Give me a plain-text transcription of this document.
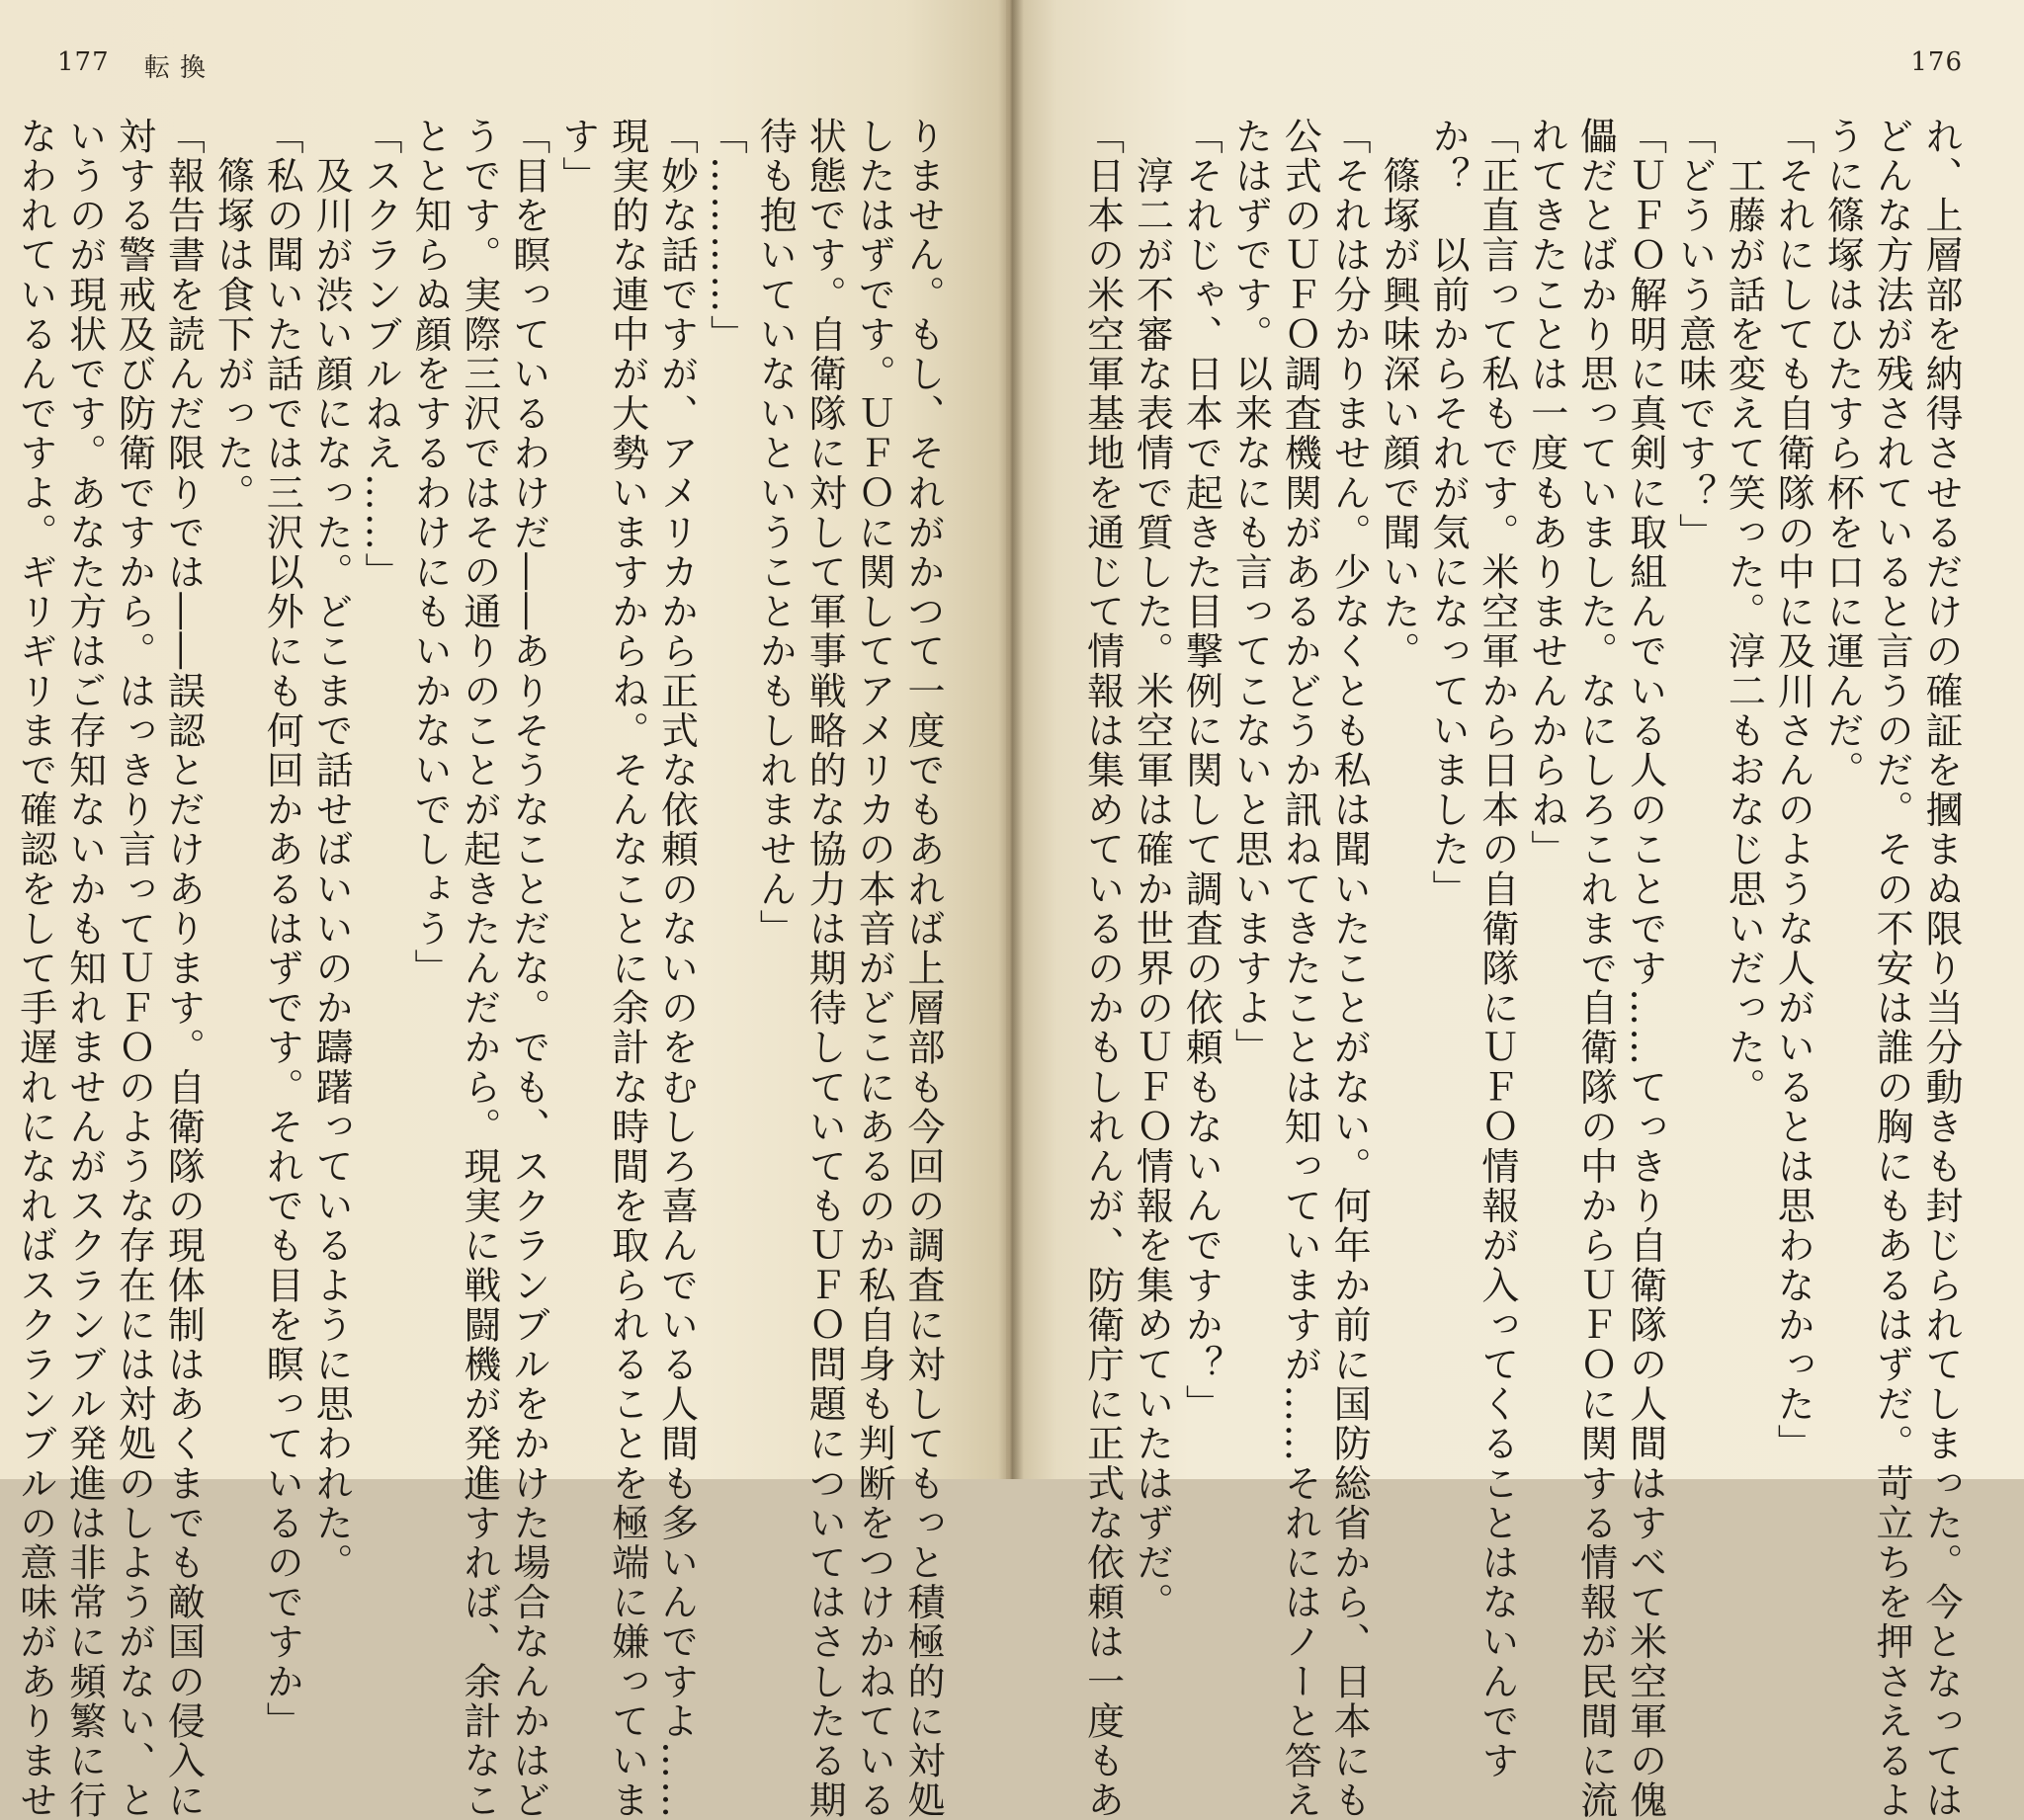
177 転換
りません。もし、それがかつて一度でもあれば上層部も今回の調査に対してもっと積極的に対処
したはずです。ＵＦＯに関してアメリカの本音がどこにあるのか私自身も判断をつけかねている
状態です。自衛隊に対して軍事戦略的な協力は期待していてもＵＦＯ問題についてはさしたる期
待も抱いていないということかもしれません」
「…………」
「妙な話ですが、アメリカから正式な依頼のないのをむしろ喜んでいる人間も多いんですよ……
現実的な連中が大勢いますからね。そんなことに余計な時間を取られることを極端に嫌っていま
す」
「目を瞑っているわけだ――ありそうなことだな。でも、スクランブルをかけた場合なんかはど
うです。実際三沢ではその通りのことが起きたんだから。現実に戦闘機が発進すれば、余計なこ
とと知らぬ顔をするわけにもいかないでしょう」
「スクランブルねえ……」
　及川が渋い顔になった。どこまで話せばいいのか躊躇っているように思われた。
「私の聞いた話では三沢以外にも何回かあるはずです。それでも目を瞑っているのですか」
　篠塚は食下がった。
「報告書を読んだ限りでは――誤認とだけあります。自衛隊の現体制はあくまでも敵国の侵入に
対する警戒及び防衛ですから。はっきり言ってＵＦＯのような存在には対処のしようがない、と
いうのが現状です。あなた方はご存知ないかも知れませんがスクランブル発進は非常に頻繁に行
なわれているんですよ。ギリギリまで確認をして手遅れになればスクランブルの意味がありませ
176
れ、上層部を納得させるだけの確証を摑まぬ限り当分動きも封じられてしまった。今となっては
どんな方法が残されていると言うのだ。その不安は誰の胸にもあるはずだ。苛立ちを押さえるよ
うに篠塚はひたすら杯を口に運んだ。
「それにしても自衛隊の中に及川さんのような人がいるとは思わなかった」
　工藤が話を変えて笑った。淳二もおなじ思いだった。
「どういう意味です？」
「ＵＦＯ解明に真剣に取組んでいる人のことです……てっきり自衛隊の人間はすべて米空軍の傀
儡だとばかり思っていました。なにしろこれまで自衛隊の中からＵＦＯに関する情報が民間に流
れてきたことは一度もありませんからね」
「正直言って私もです。米空軍から日本の自衛隊にＵＦＯ情報が入ってくることはないんです
か？　以前からそれが気になっていました」
　篠塚が興味深い顔で聞いた。
「それは分かりません。少なくとも私は聞いたことがない。何年か前に国防総省から、日本にも
公式のＵＦＯ調査機関があるかどうか訊ねてきたことは知っていますが……それにはノーと答え
たはずです。以来なにも言ってこないと思いますよ」
「それじゃ、日本で起きた目撃例に関して調査の依頼もないんですか？」
　淳二が不審な表情で質した。米空軍は確か世界のＵＦＯ情報を集めていたはずだ。
「日本の米空軍基地を通じて情報は集めているのかもしれんが、防衛庁に正式な依頼は一度もあ
